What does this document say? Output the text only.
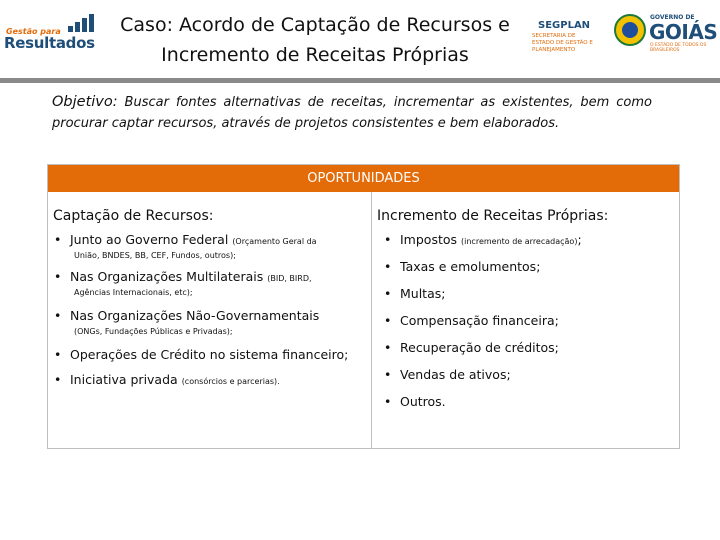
Gestão para
Resultados
Caso: Acordo de Captação de Recursos e
Incremento de Receitas Próprias
SEGPLAN
SECRETARIA DE ESTADO DE GESTÃO E PLANEJAMENTO
GOVERNO DE
GOIÁS
O ESTADO DE TODOS OS BRASILEIROS
Objetivo: Buscar fontes alternativas de receitas, incrementar as existentes, bem como procurar captar recursos, através de projetos consistentes e bem elaborados.
OPORTUNIDADES
Captação de Recursos:
• Junto ao Governo Federal (Orçamento Geral da
União, BNDES, BB, CEF, Fundos, outros);
• Nas Organizações Multilaterais (BID, BIRD,
Agências Internacionais, etc);
• Nas Organizações Não-Governamentais
(ONGs, Fundações Públicas e Privadas);
• Operações de Crédito no sistema financeiro;
• Iniciativa privada (consórcios e parcerias).
Incremento de Receitas Próprias:
• Impostos (incremento de arrecadação);
• Taxas e emolumentos;
• Multas;
• Compensação financeira;
• Recuperação de créditos;
• Vendas de ativos;
• Outros.
